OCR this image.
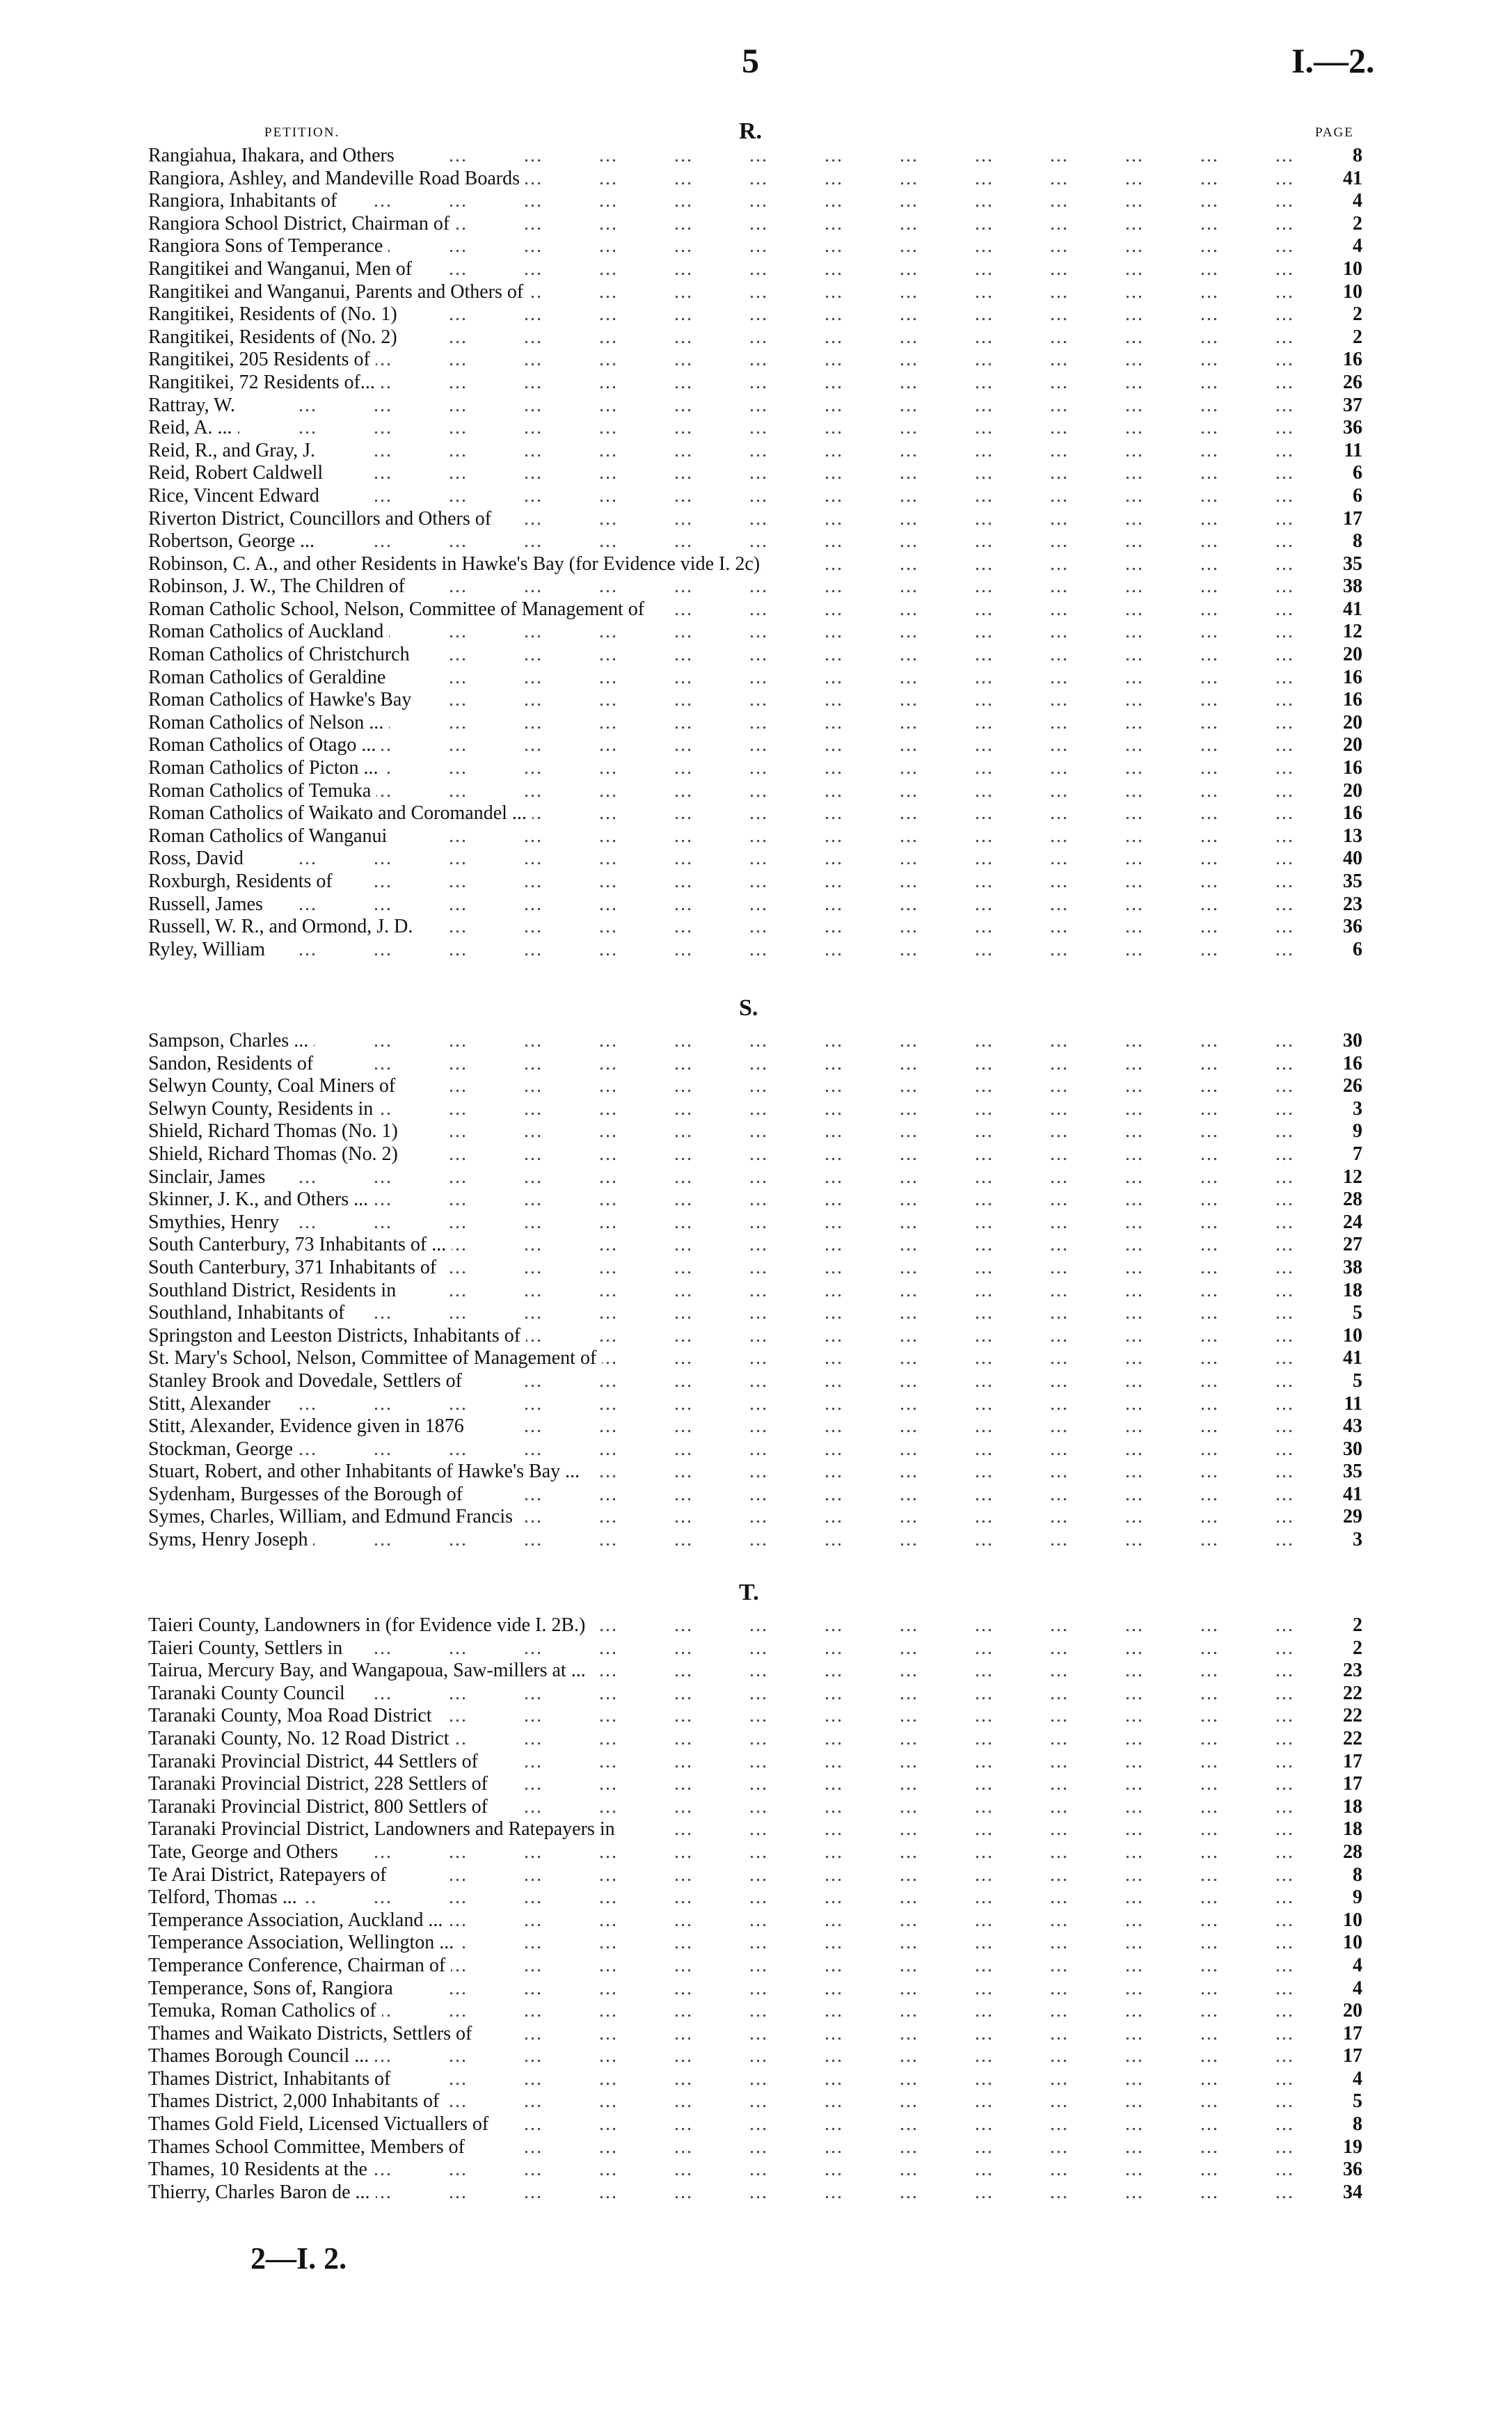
5	I.—2.
PETITION.	PAGE
R.
...
Rangiahua, Ihakara, and Others	8
...
Rangiora, Ashley, and Mandeville Road Boards	41
...
Rangiora, Inhabitants of	4
...
Rangiora School District, Chairman of	2
...
Rangiora Sons of Temperance	4
...
Rangitikei and Wanganui, Men of	10
...
Rangitikei and Wanganui, Parents and Others of	10
...
Rangitikei, Residents of (No. 1)	2
...
Rangitikei, Residents of (No. 2)	2
...
Rangitikei, 205 Residents of	16
...
Rangitikei, 72 Residents of...	26
...
Rattray, W.	37
...
Reid, A. ...	36
...
Reid, R., and Gray, J.	11
...
Reid, Robert Caldwell	6
...
Rice, Vincent Edward	6
...
Riverton District, Councillors and Others of	17
...
Robertson, George ...	8
...
Robinson, C. A., and other Residents in Hawke's Bay (for Evidence vide I. 2c)	35
...
Robinson, J. W., The Children of	38
...
Roman Catholic School, Nelson, Committee of Management of	41
...
Roman Catholics of Auckland	12
...
Roman Catholics of Christchurch	20
...
Roman Catholics of Geraldine	16
...
Roman Catholics of Hawke's Bay	16
...
Roman Catholics of Nelson ...	20
...
Roman Catholics of Otago ...	20
...
Roman Catholics of Picton ...	16
...
Roman Catholics of Temuka	20
...
Roman Catholics of Waikato and Coromandel ...	16
...
Roman Catholics of Wanganui	13
...
Ross, David	40
...
Roxburgh, Residents of	35
...
Russell, James	23
...
Russell, W. R., and Ormond, J. D.	36
...
Ryley, William	6
S.
...
Sampson, Charles ...	30
...
Sandon, Residents of	16
...
Selwyn County, Coal Miners of	26
...
Selwyn County, Residents in	3
...
Shield, Richard Thomas (No. 1)	9
...
Shield, Richard Thomas (No. 2)	7
...
Sinclair, James	12
...
Skinner, J. K., and Others ...	28
...
Smythies, Henry	24
...
South Canterbury, 73 Inhabitants of ...	27
...
South Canterbury, 371 Inhabitants of	38
...
Southland District, Residents in	18
...
Southland, Inhabitants of	5
...
Springston and Leeston Districts, Inhabitants of	10
...
St. Mary's School, Nelson, Committee of Management of	41
...
Stanley Brook and Dovedale, Settlers of	5
...
Stitt, Alexander	11
...
Stitt, Alexander, Evidence given in 1876	43
...
Stockman, George	30
...
Stuart, Robert, and other Inhabitants of Hawke's Bay ...	35
...
Sydenham, Burgesses of the Borough of	41
...
Symes, Charles, William, and Edmund Francis	29
...
Syms, Henry Joseph	3
T.
...
Taieri County, Landowners in (for Evidence vide I. 2B.)	2
...
Taieri County, Settlers in	2
...
Tairua, Mercury Bay, and Wangapoua, Saw-millers at ...	23
...
Taranaki County Council	22
...
Taranaki County, Moa Road District	22
...
Taranaki County, No. 12 Road District	22
...
Taranaki Provincial District, 44 Settlers of	17
...
Taranaki Provincial District, 228 Settlers of	17
...
Taranaki Provincial District, 800 Settlers of	18
...
Taranaki Provincial District, Landowners and Ratepayers in	18
...
Tate, George and Others	28
...
Te Arai District, Ratepayers of	8
...
Telford, Thomas ...	9
...
Temperance Association, Auckland ...	10
...
Temperance Association, Wellington ...	10
...
Temperance Conference, Chairman of	4
...
Temperance, Sons of, Rangiora	4
...
Temuka, Roman Catholics of	20
...
Thames and Waikato Districts, Settlers of	17
...
Thames Borough Council ...	17
...
Thames District, Inhabitants of	4
...
Thames District, 2,000 Inhabitants of	5
...
Thames Gold Field, Licensed Victuallers of	8
...
Thames School Committee, Members of	19
...
Thames, 10 Residents at the	36
...
Thierry, Charles Baron de ...	34
2—I. 2.
